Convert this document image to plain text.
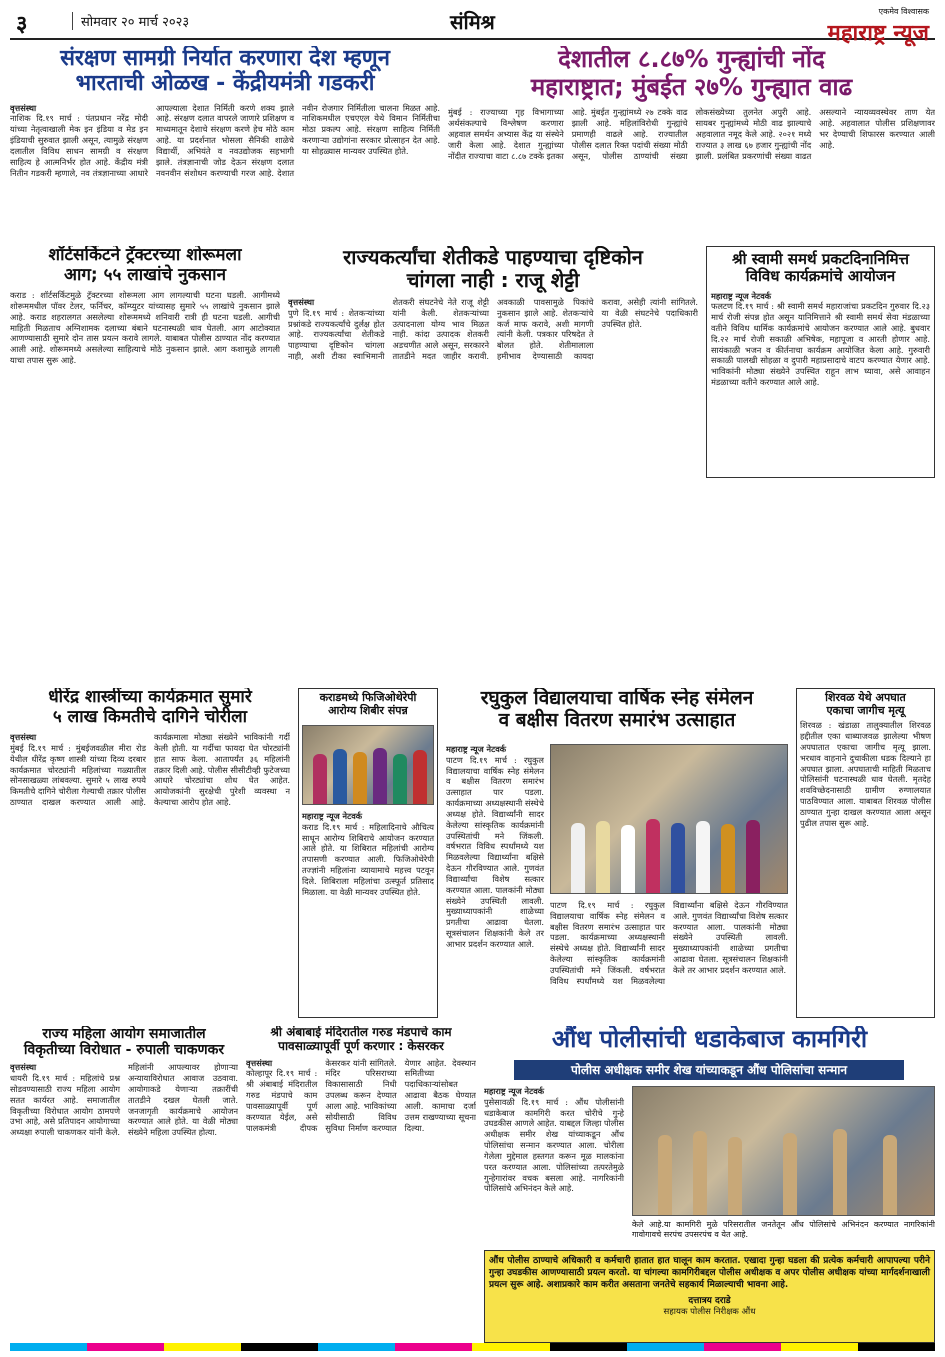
३	सोमवार २० मार्च २०२३	संमिश्र	एकमेव विश्वासक
महाराष्ट्र न्यूज
संरक्षण सामग्री निर्यात करणारा देश म्हणून
भारताची ओळख - केंद्रीयमंत्री गडकरी
वृत्तसंस्था
नाशिक दि.१९ मार्च : पंतप्रधान नरेंद्र मोदी यांच्या नेतृत्वाखाली मेक इन इंडिया व मेड इन इंडियाची सुरुवात झाली असून, त्यामुळे संरक्षण दलातील विविध साधन सामग्री व संरक्षण साहित्य हे आत्मनिर्भर होत आहे. केंद्रीय मंत्री नितीन गडकरी म्हणाले, नव तंत्रज्ञानाच्या आधारे आपल्याला देशात निर्मिती करणे शक्य झाले आहे. संरक्षण दलात वापरले जाणारे प्रशिक्षण व माध्यमातून देशाचे संरक्षण करणे हेच मोठे काम आहे. या प्रदर्शनात भोसला सैनिकी शाळेचे विद्यार्थी, अभियंते व नवउद्योजक सहभागी झाले. तंत्रज्ञानाची जोड देऊन संरक्षण दलात नवनवीन संशोधन करण्याची गरज आहे. देशात नवीन रोजगार निर्मितीला चालना मिळत आहे. नाशिकमधील एचएएल येथे विमान निर्मितीचा मोठा प्रकल्प आहे. संरक्षण साहित्य निर्मिती करणाऱ्या उद्योगांना सरकार प्रोत्साहन देत आहे. या सोहळ्यास मान्यवर उपस्थित होते.
देशातील ८.८७% गुन्ह्यांची नोंद
महाराष्ट्रात; मुंबईत २७% गुन्ह्यात वाढ
मुंबई : राज्याच्या गृह विभागाच्या अर्थसंकल्पाचे विश्लेषण करणारा अहवाल समर्थन अभ्यास केंद्र या संस्थेने जारी केला आहे. देशात गुन्ह्यांच्या नोंदीत राज्याचा वाटा ८.८७ टक्के इतका आहे. मुंबईत गुन्ह्यांमध्ये २७ टक्के वाढ झाली आहे. महिलांविरोधी गुन्ह्यांचे प्रमाणही वाढले आहे. राज्यातील पोलीस दलात रिक्त पदांची संख्या मोठी असून, पोलीस ठाण्यांची संख्या लोकसंख्येच्या तुलनेत अपुरी आहे. सायबर गुन्ह्यांमध्ये मोठी वाढ झाल्याचे अहवालात नमूद केले आहे. २०२१ मध्ये राज्यात ३ लाख ६७ हजार गुन्ह्यांची नोंद झाली. प्रलंबित प्रकरणांची संख्या वाढत असल्याने न्यायव्यवस्थेवर ताण येत आहे. अहवालात पोलीस प्रशिक्षणावर भर देण्याची शिफारस करण्यात आली आहे.
शॉर्टसर्किटने ट्रॅक्टरच्या शोरूमला
आग; ५५ लाखांचे नुकसान
कराड : शॉर्टसर्किटमुळे ट्रॅक्टरच्या शोरूमला आग लागल्याची घटना घडली. आगीमध्ये शोरूममधील पॉवर टेलर, फर्निचर, कॉम्प्युटर यांच्यासह सुमारे ५५ लाखांचे नुकसान झाले आहे. कराड शहरालगत असलेल्या शोरूममध्ये शनिवारी रात्री ही घटना घडली. आगीची माहिती मिळताच अग्निशामक दलाच्या बंबाने घटनास्थळी धाव घेतली. आग आटोक्यात आणण्यासाठी सुमारे दोन तास प्रयत्न करावे लागले. याबाबत पोलीस ठाण्यात नोंद करण्यात आली आहे. शोरूममध्ये असलेल्या साहित्याचे मोठे नुकसान झाले. आग कशामुळे लागली याचा तपास सुरू आहे.
राज्यकर्त्यांचा शेतीकडे पाहण्याचा दृष्टिकोन
चांगला नाही : राजू शेट्टी
वृत्तसंस्था
पुणे दि.१९ मार्च : शेतकऱ्यांच्या प्रश्नांकडे राज्यकर्त्यांचे दुर्लक्ष होत आहे. राज्यकर्त्यांचा शेतीकडे पाहण्याचा दृष्टिकोन चांगला नाही, अशी टीका स्वाभिमानी शेतकरी संघटनेचे नेते राजू शेट्टी यांनी केली. शेतकऱ्यांच्या उत्पादनाला योग्य भाव मिळत नाही. कांदा उत्पादक शेतकरी अडचणीत आले असून, सरकारने तातडीने मदत जाहीर करावी. अवकाळी पावसामुळे पिकांचे नुकसान झाले आहे. शेतकऱ्यांचे कर्ज माफ करावे, अशी मागणी त्यांनी केली. पत्रकार परिषदेत ते बोलत होते. शेतीमालाला हमीभाव देण्यासाठी कायदा करावा, असेही त्यांनी सांगितले. या वेळी संघटनेचे पदाधिकारी उपस्थित होते.
श्री स्वामी समर्थ प्रकटदिनानिमित्त
विविध कार्यक्रमांचे आयोजन
महाराष्ट्र न्यूज नेटवर्क
फलटण दि.१९ मार्च : श्री स्वामी समर्थ महाराजांचा प्रकटदिन गुरुवार दि.२३ मार्च रोजी संपन्न होत असून यानिमित्ताने श्री स्वामी समर्थ सेवा मंडळाच्या वतीने विविध धार्मिक कार्यक्रमांचे आयोजन करण्यात आले आहे. बुधवार दि.२२ मार्च रोजी सकाळी अभिषेक, महापूजा व आरती होणार आहे. सायंकाळी भजन व कीर्तनाचा कार्यक्रम आयोजित केला आहे. गुरुवारी सकाळी पालखी सोहळा व दुपारी महाप्रसादाचे वाटप करण्यात येणार आहे. भाविकांनी मोठ्या संख्येने उपस्थित राहून लाभ घ्यावा, असे आवाहन मंडळाच्या वतीने करण्यात आले आहे.
धीरेंद्र शास्त्रींच्या कार्यक्रमात सुमारे
५ लाख किमतीचे दागिने चोरीला
वृत्तसंस्था
मुंबई दि.१९ मार्च : मुंबईजवळील मीरा रोड येथील धीरेंद्र कृष्ण शास्त्री यांच्या दिव्य दरबार कार्यक्रमात चोरट्यांनी महिलांच्या गळ्यातील सोनसाखळ्या लांबवल्या. सुमारे ५ लाख रुपये किमतीचे दागिने चोरीला गेल्याची तक्रार पोलीस ठाण्यात दाखल करण्यात आली आहे. कार्यक्रमाला मोठ्या संख्येने भाविकांनी गर्दी केली होती. या गर्दीचा फायदा घेत चोरट्यांनी हात साफ केला. आतापर्यंत ३६ महिलांनी तक्रार दिली आहे. पोलीस सीसीटीव्ही फुटेजच्या आधारे चोरट्यांचा शोध घेत आहेत. आयोजकांनी सुरक्षेची पुरेशी व्यवस्था न केल्याचा आरोप होत आहे.
कराडमध्ये फिजिओथेरेपी
आरोग्य शिबीर संपन्न
महाराष्ट्र न्यूज नेटवर्क
कराड दि.१९ मार्च : महिलादिनाचे औचित्य साधून आरोग्य शिबिराचे आयोजन करण्यात आले होते. या शिबिरात महिलांची आरोग्य तपासणी करण्यात आली. फिजिओथेरेपी तज्ज्ञांनी महिलांना व्यायामाचे महत्त्व पटवून दिले. शिबिराला महिलांचा उत्स्फूर्त प्रतिसाद मिळाला. या वेळी मान्यवर उपस्थित होते.
रघुकुल विद्यालयाचा वार्षिक स्नेह संमेलन
व बक्षीस वितरण समारंभ उत्साहात
महाराष्ट्र न्यूज नेटवर्क
पाटण दि.१९ मार्च : रघुकुल विद्यालयाचा वार्षिक स्नेह संमेलन व बक्षीस वितरण समारंभ उत्साहात पार पडला. कार्यक्रमाच्या अध्यक्षस्थानी संस्थेचे अध्यक्ष होते. विद्यार्थ्यांनी सादर केलेल्या सांस्कृतिक कार्यक्रमांनी उपस्थितांची मने जिंकली. वर्षभरात विविध स्पर्धांमध्ये यश मिळवलेल्या विद्यार्थ्यांना बक्षिसे देऊन गौरविण्यात आले. गुणवंत विद्यार्थ्यांचा विशेष सत्कार करण्यात आला. पालकांनी मोठ्या संख्येने उपस्थिती लावली. मुख्याध्यापकांनी शाळेच्या प्रगतीचा आढावा घेतला. सूत्रसंचालन शिक्षकांनी केले तर आभार प्रदर्शन करण्यात आले.
पाटण दि.१९ मार्च : रघुकुल विद्यालयाचा वार्षिक स्नेह संमेलन व बक्षीस वितरण समारंभ उत्साहात पार पडला. कार्यक्रमाच्या अध्यक्षस्थानी संस्थेचे अध्यक्ष होते. विद्यार्थ्यांनी सादर केलेल्या सांस्कृतिक कार्यक्रमांनी उपस्थितांची मने जिंकली. वर्षभरात विविध स्पर्धांमध्ये यश मिळवलेल्या विद्यार्थ्यांना बक्षिसे देऊन गौरविण्यात आले. गुणवंत विद्यार्थ्यांचा विशेष सत्कार करण्यात आला. पालकांनी मोठ्या संख्येने उपस्थिती लावली. मुख्याध्यापकांनी शाळेच्या प्रगतीचा आढावा घेतला. सूत्रसंचालन शिक्षकांनी केले तर आभार प्रदर्शन करण्यात आले.
शिरवळ येथे अपघात
एकाचा जागीच मृत्यू
शिरवळ : खंडाळा तालुक्यातील शिरवळ हद्दीतील एका धाब्याजवळ झालेल्या भीषण अपघातात एकाचा जागीच मृत्यू झाला. भरधाव वाहनाने दुचाकीला धडक दिल्याने हा अपघात झाला. अपघाताची माहिती मिळताच पोलिसांनी घटनास्थळी धाव घेतली. मृतदेह शवविच्छेदनासाठी ग्रामीण रुग्णालयात पाठविण्यात आला. याबाबत शिरवळ पोलीस ठाण्यात गुन्हा दाखल करण्यात आला असून पुढील तपास सुरू आहे.
राज्य महिला आयोग समाजातील
विकृतीच्या विरोधात - रुपाली चाकणकर
वृत्तसंस्था
धायरी दि.१९ मार्च : महिलांचे प्रश्न सोडवण्यासाठी राज्य महिला आयोग सतत कार्यरत आहे. समाजातील विकृतीच्या विरोधात आयोग ठामपणे उभा आहे, असे प्रतिपादन आयोगाच्या अध्यक्षा रुपाली चाकणकर यांनी केले. महिलांनी आपल्यावर होणाऱ्या अन्यायाविरोधात आवाज उठवावा. आयोगाकडे येणाऱ्या तक्रारींची तातडीने दखल घेतली जाते. जनजागृती कार्यक्रमाचे आयोजन करण्यात आले होते. या वेळी मोठ्या संख्येने महिला उपस्थित होत्या.
श्री अंबाबाई मंदिरातील गरुड मंडपाचे काम
पावसाळ्यापूर्वी पूर्ण करणार : केसरकर
वृत्तसंस्था
कोल्हापूर दि.१९ मार्च : श्री अंबाबाई मंदिरातील गरुड मंडपाचे काम पावसाळ्यापूर्वी पूर्ण करण्यात येईल, असे पालकमंत्री दीपक केसरकर यांनी सांगितले. मंदिर परिसराच्या विकासासाठी निधी उपलब्ध करून देण्यात आला आहे. भाविकांच्या सोयीसाठी विविध सुविधा निर्माण करण्यात येणार आहेत. देवस्थान समितीच्या पदाधिकाऱ्यांसोबत आढावा बैठक घेण्यात आली. कामाचा दर्जा उत्तम राखण्याच्या सूचना दिल्या.
औंध पोलीसांची धडाकेबाज कामगिरी
पोलीस अधीक्षक समीर शेख यांच्याकडून औंध पोलिसांचा सन्मान
महाराष्ट्र न्यूज नेटवर्क
पुसेसावळी दि.१९ मार्च : औंध पोलीसांनी धडाकेबाज कामगिरी करत चोरीचे गुन्हे उघडकीस आणले आहेत. याबद्दल जिल्हा पोलीस अधीक्षक समीर शेख यांच्याकडून औंध पोलिसांचा सन्मान करण्यात आला. चोरीला गेलेला मुद्देमाल हस्तगत करून मूळ मालकांना परत करण्यात आला. पोलिसांच्या तत्परतेमुळे गुन्हेगारांवर वचक बसला आहे. नागरिकांनी पोलिसांचे अभिनंदन केले आहे.
केले आहे.या कामगिरी मुळे परिसरातील जनतेतून औंध पोलिसांचे अभिनंदन करण्यात नागरिकांनी गावोगावचे सरपंच उपसरपंच व येत आहे.
औंध पोलीस ठाण्याचे अधिकारी व कर्मचारी हातात हात घालून काम करतात. एखादा गुन्हा घडला की प्रत्येक कर्मचारी आपापल्या परीने गुन्हा उघडकीस आणण्यासाठी प्रयत्न करतो. या चांगल्या कामगिरीबद्दल पोलीस अधीक्षक व अपर पोलीस अधीक्षक यांच्या मार्गदर्शनाखाली प्रयत्न सुरू आहे. अशाप्रकारे काम करीत असताना जनतेचे सहकार्य मिळाल्याची भावना आहे.
दत्तात्रय दराडे
सहायक पोलीस निरीक्षक औंध
